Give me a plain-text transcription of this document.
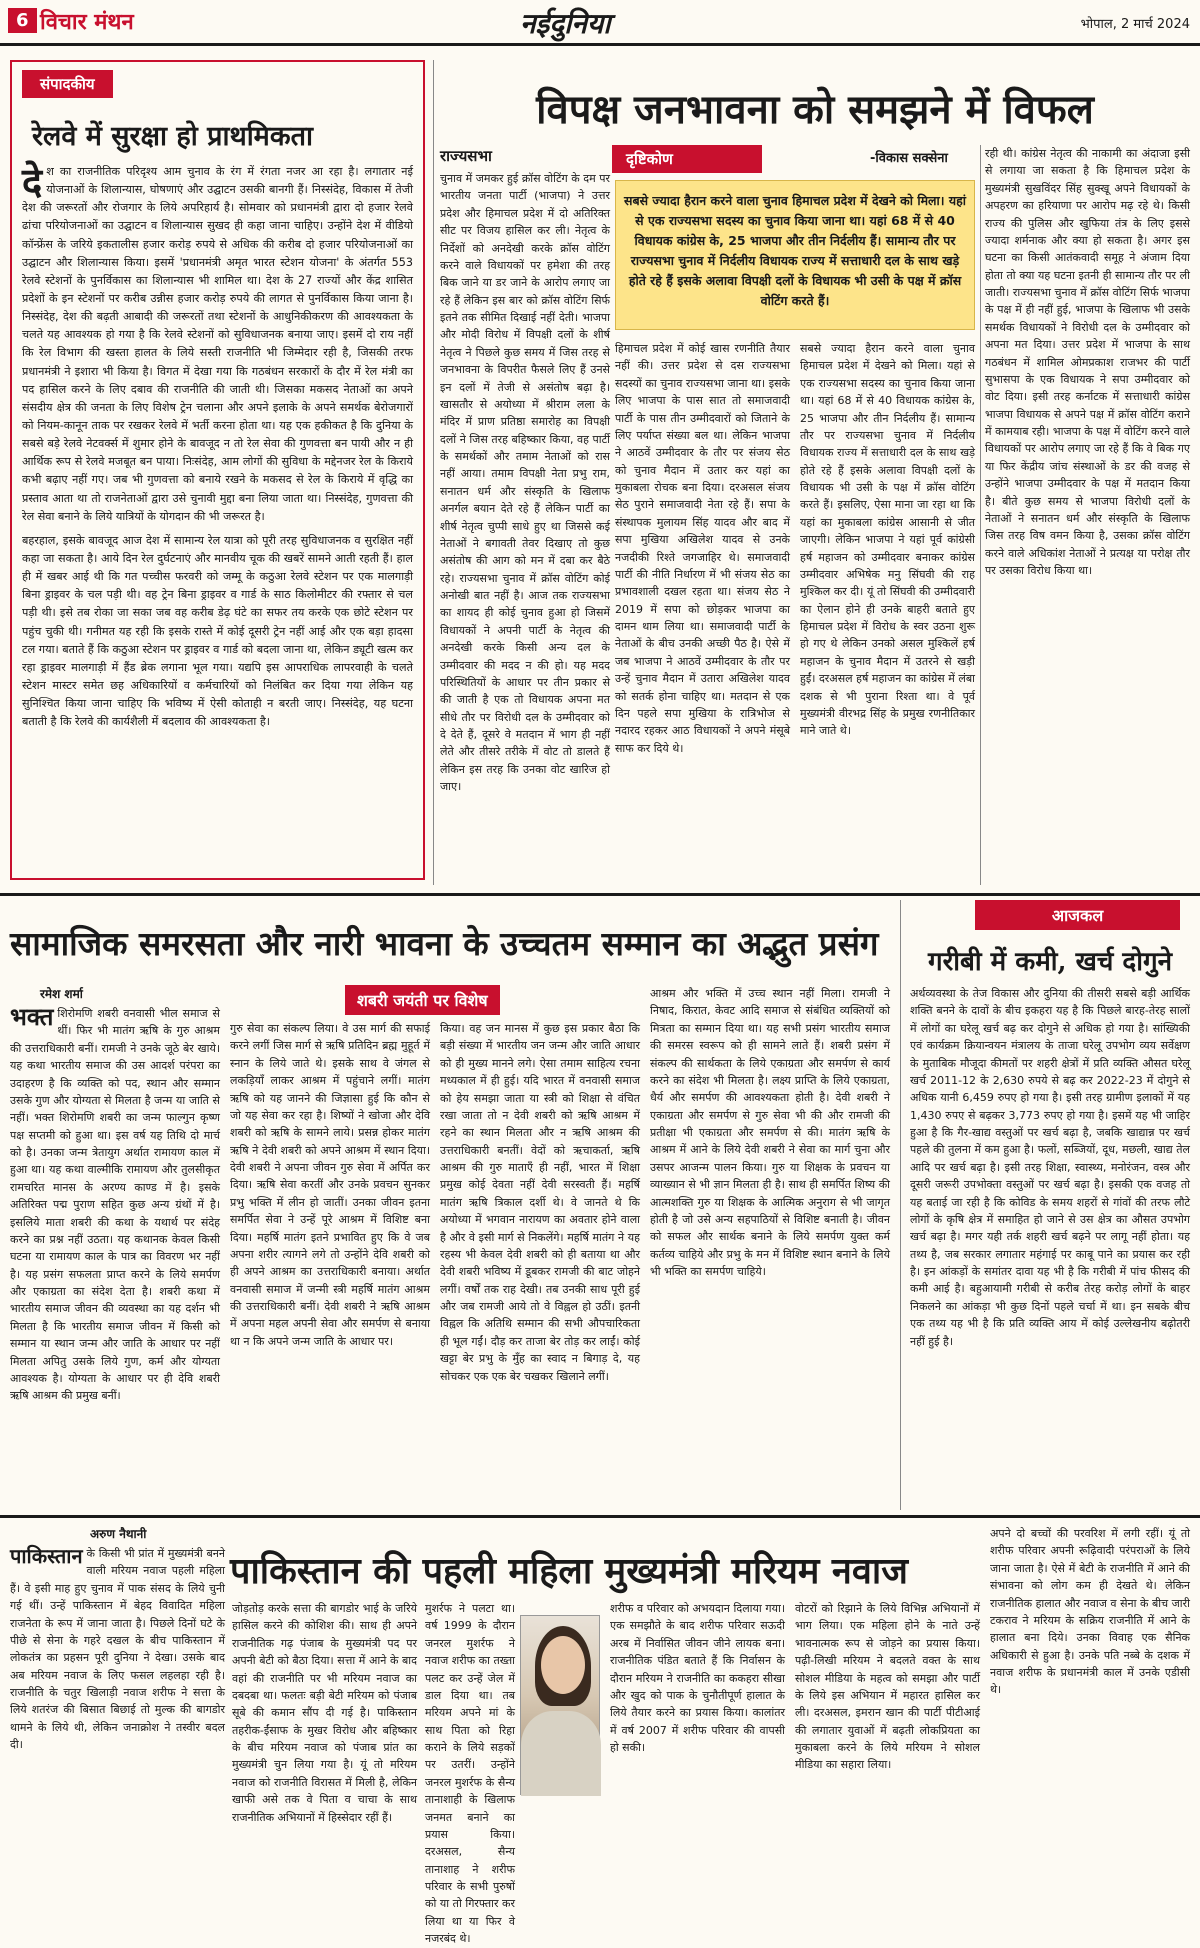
6 विचार मंथन	नईदुनिया	भोपाल, 2 मार्च 2024
संपादकीय
रेलवे में सुरक्षा हो प्राथमिकता
दे श का राजनीतिक परिदृश्य आम चुनाव के रंग में रंगता नजर आ रहा है। लगातार नई योजनाओं के शिलान्यास, घोषणाएं और उद्घाटन उसकी बानगी हैं। निस्संदेह, विकास में तेजी देश की जरूरतों और रोजगार के लिये अपरिहार्य है। सोमवार को प्रधानमंत्री द्वारा दो हजार रेलवे ढांचा परियोजनाओं का उद्घाटन व शिलान्यास सुखद ही कहा जाना चाहिए। उन्होंने देश में वीडियो कॉन्फ्रेंस के जरिये इकतालीस हजार करोड़ रुपये से अधिक की करीब दो हजार परियोजनाओं का उद्घाटन और शिलान्यास किया। इसमें 'प्रधानमंत्री अमृत भारत स्टेशन योजना' के अंतर्गत 553 रेलवे स्टेशनों के पुनर्विकास का शिलान्यास भी शामिल था। देश के 27 राज्यों और केंद्र शासित प्रदेशों के इन स्टेशनों पर करीब उन्नीस हजार करोड़ रुपये की लागत से पुनर्विकास किया जाना है। निस्संदेह, देश की बढ़ती आबादी की जरूरतों तथा स्टेशनों के आधुनिकीकरण की आवश्यकता के चलते यह आवश्यक हो गया है कि रेलवे स्टेशनों को सुविधाजनक बनाया जाए। इसमें दो राय नहीं कि रेल विभाग की खस्ता हालत के लिये सस्ती राजनीति भी जिम्मेदार रही है, जिसकी तरफ प्रधानमंत्री ने इशारा भी किया है। विगत में देखा गया कि गठबंधन सरकारों के दौर में रेल मंत्री का पद हासिल करने के लिए दबाव की राजनीति की जाती थी। जिसका मकसद नेताओं का अपने संसदीय क्षेत्र की जनता के लिए विशेष ट्रेन चलाना और अपने इलाके के अपने समर्थक बेरोजगारों को नियम-कानून ताक पर रखकर रेलवे में भर्ती करना होता था। यह एक हकीकत है कि दुनिया के सबसे बड़े रेलवे नेटवर्क्स में शुमार होने के बावजूद न तो रेल सेवा की गुणवत्ता बन पायी और न ही आर्थिक रूप से रेलवे मजबूत बन पाया। निःसंदेह, आम लोगों की सुविधा के मद्देनजर रेल के किराये कभी बढ़ाए नहीं गए। जब भी गुणवत्ता को बनाये रखने के मकसद से रेल के किराये में वृद्धि का प्रस्ताव आता था तो राजनेताओं द्वारा उसे चुनावी मुद्दा बना लिया जाता था। निस्संदेह, गुणवत्ता की रेल सेवा बनाने के लिये यात्रियों के योगदान की भी जरूरत है।

बहरहाल, इसके बावजूद आज देश में सामान्य रेल यात्रा को पूरी तरह सुविधाजनक व सुरक्षित नहीं कहा जा सकता है। आये दिन रेल दुर्घटनाएं और मानवीय चूक की खबरें सामने आती रहती हैं। हाल ही में खबर आई थी कि गत पच्चीस फरवरी को जम्मू के कठुआ रेलवे स्टेशन पर एक मालगाड़ी बिना ड्राइवर के चल पड़ी थी। वह ट्रेन बिना ड्राइवर व गार्ड के साठ किलोमीटर की रफ्तार से चल पड़ी थी। इसे तब रोका जा सका जब वह करीब डेढ़ घंटे का सफर तय करके एक छोटे स्टेशन पर पहुंच चुकी थी। गनीमत यह रही कि इसके रास्ते में कोई दूसरी ट्रेन नहीं आई और एक बड़ा हादसा टल गया। बताते हैं कि कठुआ स्टेशन पर ड्राइवर व गार्ड को बदला जाना था, लेकिन ड्यूटी खत्म कर रहा ड्राइवर मालगाड़ी में हैंड ब्रेक लगाना भूल गया। यद्यपि इस आपराधिक लापरवाही के चलते स्टेशन मास्टर समेत छह अधिकारियों व कर्मचारियों को निलंबित कर दिया गया लेकिन यह सुनिश्चित किया जाना चाहिए कि भविष्य में ऐसी कोताही न बरती जाए। निस्संदेह, यह घटना बताती है कि रेलवे की कार्यशैली में बदलाव की आवश्यकता है।

विपक्ष जनभावना को समझने में विफल
राज्यसभा	दृष्टिकोण	-विकास सक्सेना
चुनाव में जमकर हुई क्रॉस वोटिंग के दम पर भारतीय जनता पार्टी (भाजपा) ने उत्तर प्रदेश और हिमाचल प्रदेश में दो अतिरिक्त सीट पर विजय हासिल कर ली। नेतृत्व के निर्देशों को अनदेखी करके क्रॉस वोटिंग करने वाले विधायकों पर हमेशा की तरह बिक जाने या डर जाने के आरोप लगाए जा रहे हैं लेकिन इस बार को क्रॉस वोटिंग सिर्फ इतने तक सीमित दिखाई नहीं देती। भाजपा और मोदी विरोध में विपक्षी दलों के शीर्ष नेतृत्व ने पिछले कुछ समय में जिस तरह से जनभावना के विपरीत फैसले लिए हैं उनसे इन दलों में तेजी से असंतोष बढ़ा है। खासतौर से अयोध्या में श्रीराम लला के मंदिर में प्राण प्रतिष्ठा समारोह का विपक्षी दलों ने जिस तरह बहिष्कार किया, वह पार्टी के समर्थकों और तमाम नेताओं को रास नहीं आया। तमाम विपक्षी नेता प्रभु राम, सनातन धर्म और संस्कृति के खिलाफ अनर्गल बयान देते रहे हैं लेकिन पार्टी का शीर्ष नेतृत्व चुप्पी साधे हुए था जिससे कई नेताओं ने बगावती तेवर दिखाए तो कुछ असंतोष की आग को मन में दबा कर बैठे रहे। राज्यसभा चुनाव में क्रॉस वोटिंग कोई अनोखी बात नहीं है। आज तक राज्यसभा का शायद ही कोई चुनाव हुआ हो जिसमें विधायकों ने अपनी पार्टी के नेतृत्व की अनदेखी करके किसी अन्य दल के उम्मीदवार की मदद न की हो। यह मदद परिस्थितियों के आधार पर तीन प्रकार से की जाती है एक तो विधायक अपना मत सीधे तौर पर विरोधी दल के उम्मीदवार को दे देते हैं, दूसरे वे मतदान में भाग ही नहीं लेते और तीसरे तरीके में वोट तो डालते हैं लेकिन इस तरह कि उनका वोट खारिज हो जाए।
सबसे ज्यादा हैरान करने वाला चुनाव हिमाचल प्रदेश में देखने को मिला। यहां से एक राज्यसभा सदस्य का चुनाव किया जाना था। यहां 68 में से 40 विधायक कांग्रेस के, 25 भाजपा और तीन निर्दलीय हैं। सामान्य तौर पर राज्यसभा चुनाव में निर्दलीय विधायक राज्य में सत्ताधारी दल के साथ खड़े होते रहे हैं इसके अलावा विपक्षी दलों के विधायक भी उसी के पक्ष में क्रॉस वोटिंग करते हैं।
हिमाचल प्रदेश में कोई खास रणनीति तैयार नहीं की। उत्तर प्रदेश से दस राज्यसभा सदस्यों का चुनाव राज्यसभा जाना था। इसके लिए भाजपा के पास सात तो समाजवादी पार्टी के पास तीन उम्मीदवारों को जिताने के लिए पर्याप्त संख्या बल था। लेकिन भाजपा ने आठवें उम्मीदवार के तौर पर संजय सेठ को चुनाव मैदान में उतार कर यहां का मुकाबला रोचक बना दिया। दरअसल संजय सेठ पुराने समाजवादी नेता रहे हैं। सपा के संस्थापक मुलायम सिंह यादव और बाद में सपा मुखिया अखिलेश यादव से उनके नजदीकी रिश्ते जगजाहिर थे। समाजवादी पार्टी की नीति निर्धारण में भी संजय सेठ का प्रभावशाली दखल रहता था। संजय सेठ ने 2019 में सपा को छोड़कर भाजपा का दामन थाम लिया था। समाजवादी पार्टी के नेताओं के बीच उनकी अच्छी पैठ है। ऐसे में जब भाजपा ने आठवें उम्मीदवार के तौर पर उन्हें चुनाव मैदान में उतारा अखिलेश यादव को सतर्क होना चाहिए था। मतदान से एक दिन पहले सपा मुखिया के रात्रिभोज से नदारद रहकर आठ विधायकों ने अपने मंसूबे साफ कर दिये थे।
सबसे ज्यादा हैरान करने वाला चुनाव हिमाचल प्रदेश में देखने को मिला। यहां से एक राज्यसभा सदस्य का चुनाव किया जाना था। यहां 68 में से 40 विधायक कांग्रेस के, 25 भाजपा और तीन निर्दलीय हैं। सामान्य तौर पर राज्यसभा चुनाव में निर्दलीय विधायक राज्य में सत्ताधारी दल के साथ खड़े होते रहे हैं इसके अलावा विपक्षी दलों के विधायक भी उसी के पक्ष में क्रॉस वोटिंग करते हैं। इसलिए, ऐसा माना जा रहा था कि यहां का मुकाबला कांग्रेस आसानी से जीत जाएगी। लेकिन भाजपा ने यहां पूर्व कांग्रेसी हर्ष महाजन को उम्मीदवार बनाकर कांग्रेस उम्मीदवार अभिषेक मनु सिंघवी की राह मुश्किल कर दी। यूं तो सिंघवी की उम्मीदवारी का ऐलान होने ही उनके बाहरी बताते हुए हिमाचल प्रदेश में विरोध के स्वर उठना शुरू हो गए थे लेकिन उनको असल मुश्किलें हर्ष महाजन के चुनाव मैदान में उतरने से खड़ी हुईं। दरअसल हर्ष महाजन का कांग्रेस में लंबा दशक से भी पुराना रिश्ता था। वे पूर्व मुख्यमंत्री वीरभद्र सिंह के प्रमुख रणनीतिकार माने जाते थे।
रही थी। कांग्रेस नेतृत्व की नाकामी का अंदाजा इसी से लगाया जा सकता है कि हिमाचल प्रदेश के मुख्यमंत्री सुखविंदर सिंह सुक्खू अपने विधायकों के अपहरण का हरियाणा पर आरोप मढ़ रहे थे। किसी राज्य की पुलिस और खुफिया तंत्र के लिए इससे ज्यादा शर्मनाक और क्या हो सकता है। अगर इस घटना का किसी आतंकवादी समूह ने अंजाम दिया होता तो क्या यह घटना इतनी ही सामान्य तौर पर ली जाती। राज्यसभा चुनाव में क्रॉस वोटिंग सिर्फ भाजपा के पक्ष में ही नहीं हुई, भाजपा के खिलाफ भी उसके समर्थक विधायकों ने विरोधी दल के उम्मीदवार को अपना मत दिया। उत्तर प्रदेश में भाजपा के साथ गठबंधन में शामिल ओमप्रकाश राजभर की पार्टी सुभासपा के एक विधायक ने सपा उम्मीदवार को वोट दिया। इसी तरह कर्नाटक में सत्ताधारी कांग्रेस भाजपा विधायक से अपने पक्ष में क्रॉस वोटिंग कराने में कामयाब रही। भाजपा के पक्ष में वोटिंग करने वाले विधायकों पर आरोप लगाए जा रहे हैं कि वे बिक गए या फिर केंद्रीय जांच संस्थाओं के डर की वजह से उन्होंने भाजपा उम्मीदवार के पक्ष में मतदान किया है। बीते कुछ समय से भाजपा विरोधी दलों के नेताओं ने सनातन धर्म और संस्कृति के खिलाफ जिस तरह विष वमन किया है, उसका क्रॉस वोटिंग करने वाले अधिकांश नेताओं ने प्रत्यक्ष या परोक्ष तौर पर उसका विरोध किया था।
सामाजिक समरसता और नारी भावना के उच्चतम सम्मान का अद्भुत प्रसंग
रमेश शर्मा	शबरी जयंती पर विशेष
भक्त शिरोमणि शबरी वनवासी भील समाज से थीं। फिर भी मातंग ऋषि के गुरु आश्रम की उत्तराधिकारी बनीं। रामजी ने उनके जूठे बेर खाये। यह कथा भारतीय समाज की उस आदर्श परंपरा का उदाहरण है कि व्यक्ति को पद, स्थान और सम्मान उसके गुण और योग्यता से मिलता है जन्म या जाति से नहीं। भक्त शिरोमणि शबरी का जन्म फाल्गुन कृष्ण पक्ष सप्तमी को हुआ था। इस वर्ष यह तिथि दो मार्च को है। उनका जन्म त्रेतायुग अर्थात रामायण काल में हुआ था। यह कथा वाल्मीकि रामायण और तुलसीकृत रामचरित मानस के अरण्य काण्ड में है। इसके अतिरिक्त पद्म पुराण सहित कुछ अन्य ग्रंथों में है। इसलिये माता शबरी की कथा के यथार्थ पर संदेह करने का प्रश्न नहीं उठता। यह कथानक केवल किसी घटना या रामायण काल के पात्र का विवरण भर नहीं है। यह प्रसंग सफलता प्राप्त करने के लिये समर्पण और एकाग्रता का संदेश देता है। शबरी कथा में भारतीय समाज जीवन की व्यवस्था का यह दर्शन भी मिलता है कि भारतीय समाज जीवन में किसी को सम्मान या स्थान जन्म और जाति के आधार पर नहीं मिलता अपितु उसके लिये गुण, कर्म और योग्यता आवश्यक है। योग्यता के आधार पर ही देवि शबरी ऋषि आश्रम की प्रमुख बनीं।
गुरु सेवा का संकल्प लिया। वे उस मार्ग की सफाई करने लगीं जिस मार्ग से ऋषि प्रतिदिन ब्रह्म मुहूर्त में स्नान के लिये जाते थे। इसके साथ वे जंगल से लकड़ियाँ लाकर आश्रम में पहुंचाने लगीं। मातंग ऋषि को यह जानने की जिज्ञासा हुई कि कौन से जो यह सेवा कर रहा है। शिष्यों ने खोजा और देवि शबरी को ऋषि के सामने लाये। प्रसन्न होकर मातंग ऋषि ने देवी शबरी को अपने आश्रम में स्थान दिया। देवी शबरी ने अपना जीवन गुरु सेवा में अर्पित कर दिया। ऋषि सेवा करतीं और उनके प्रवचन सुनकर प्रभु भक्ति में लीन हो जातीं। उनका जीवन इतना समर्पित सेवा ने उन्हें पूरे आश्रम में विशिष्ट बना दिया। महर्षि मातंग इतने प्रभावित हुए कि वे जब अपना शरीर त्यागने लगे तो उन्होंने देवि शबरी को ही अपने आश्रम का उत्तराधिकारी बनाया। अर्थात वनवासी समाज में जन्मी स्त्री महर्षि मातंग आश्रम की उत्तराधिकारी बनीं। देवी शबरी ने ऋषि आश्रम में अपना महल अपनी सेवा और समर्पण से बनाया था न कि अपने जन्म जाति के आधार पर।
किया। वह जन मानस में कुछ इस प्रकार बैठा कि बड़ी संख्या में भारतीय जन जन्म और जाति आधार को ही मुख्य मानने लगे। ऐसा तमाम साहित्य रचना मध्यकाल में ही हुई। यदि भारत में वनवासी समाज को हेय समझा जाता या स्त्री को शिक्षा से वंचित रखा जाता तो न देवी शबरी को ऋषि आश्रम में रहने का स्थान मिलता और न ऋषि आश्रम की उत्तराधिकारी बनतीं। वेदों को ऋचाकर्ता, ऋषि आश्रम की गुरु माताएँ ही नहीं, भारत में शिक्षा प्रमुख कोई देवता नहीं देवी सरस्वती हैं। महर्षि मातंग ऋषि त्रिकाल दर्शी थे। वे जानते थे कि अयोध्या में भगवान नारायण का अवतार होने वाला है और वे इसी मार्ग से निकलेंगे। महर्षि मातंग ने यह रहस्य भी केवल देवी शबरी को ही बताया था और देवी शबरी भविष्य में डूबकर रामजी की बाट जोहने लगीं। वर्षों तक राह देखी। तब उनकी साध पूरी हुई और जब रामजी आये तो वे विह्वल हो उठीं। इतनी विह्वल कि अतिथि सम्मान की सभी औपचारिकता ही भूल गईं। दौड़ कर ताजा बेर तोड़ कर लाईं। कोई खट्टा बेर प्रभु के मुँह का स्वाद न बिगाड़ दे, यह सोचकर एक एक बेर चखकर खिलाने लगीं।
आश्रम और भक्ति में उच्च स्थान नहीं मिला। रामजी ने निषाद, किरात, केवट आदि समाज से संबंधित व्यक्तियों को मित्रता का सम्मान दिया था। यह सभी प्रसंग भारतीय समाज की समरस स्वरूप को ही सामने लाते हैं। शबरी प्रसंग में संकल्प की सार्थकता के लिये एकाग्रता और समर्पण से कार्य करने का संदेश भी मिलता है। लक्ष्य प्राप्ति के लिये एकाग्रता, धैर्य और समर्पण की आवश्यकता होती है। देवी शबरी ने एकाग्रता और समर्पण से गुरु सेवा भी की और रामजी की प्रतीक्षा भी एकाग्रता और समर्पण से की। मातंग ऋषि के आश्रम में आने के लिये देवी शबरी ने सेवा का मार्ग चुना और उसपर आजन्म पालन किया। गुरु या शिक्षक के प्रवचन या व्याख्यान से भी ज्ञान मिलता ही है। साथ ही समर्पित शिष्य की आत्मशक्ति गुरु या शिक्षक के आत्मिक अनुराग से भी जागृत होती है जो उसे अन्य सहपाठियों से विशिष्ट बनाती है। जीवन को सफल और सार्थक बनाने के लिये समर्पण युक्त कर्म कर्तव्य चाहिये और प्रभु के मन में विशिष्ट स्थान बनाने के लिये भी भक्ति का समर्पण चाहिये।
आजकल
गरीबी में कमी, खर्च दोगुने
अर्थव्यवस्था के तेज विकास और दुनिया की तीसरी सबसे बड़ी आर्थिक शक्ति बनने के दावों के बीच इकहरा यह है कि पिछले बारह-तेरह सालों में लोगों का घरेलू खर्च बढ़ कर दोगुने से अधिक हो गया है। सांख्यिकी एवं कार्यक्रम क्रियान्वयन मंत्रालय के ताजा घरेलू उपभोग व्यय सर्वेक्षण के मुताबिक मौजूदा कीमतों पर शहरी क्षेत्रों में प्रति व्यक्ति औसत घरेलू खर्च 2011-12 के 2,630 रुपये से बढ़ कर 2022-23 में दोगुने से अधिक यानी 6,459 रुपए हो गया है। इसी तरह ग्रामीण इलाकों में यह 1,430 रुपए से बढ़कर 3,773 रुपए हो गया है। इसमें यह भी जाहिर हुआ है कि गैर-खाद्य वस्तुओं पर खर्च बढ़ा है, जबकि खाद्यान्न पर खर्च पहले की तुलना में कम हुआ है। फलों, सब्जियों, दूध, मछली, खाद्य तेल आदि पर खर्च बढ़ा है। इसी तरह शिक्षा, स्वास्थ्य, मनोरंजन, वस्त्र और दूसरी जरूरी उपभोक्ता वस्तुओं पर खर्च बढ़ा है। इसकी एक वजह तो यह बताई जा रही है कि कोविड के समय शहरों से गांवों की तरफ लौटे लोगों के कृषि क्षेत्र में समाहित हो जाने से उस क्षेत्र का औसत उपभोग खर्च बढ़ा है। मगर यही तर्क शहरी खर्च बढ़ने पर लागू नहीं होता। यह तथ्य है, जब सरकार लगातार महंगाई पर काबू पाने का प्रयास कर रही है। इन आंकड़ों के समांतर दावा यह भी है कि गरीबी में पांच फीसद की कमी आई है। बहुआयामी गरीबी से करीब तेरह करोड़ लोगों के बाहर निकलने का आंकड़ा भी कुछ दिनों पहले चर्चा में था। इन सबके बीच एक तथ्य यह भी है कि प्रति व्यक्ति आय में कोई उल्लेखनीय बढ़ोतरी नहीं हुई है।
अरुण नैथानी
पाकिस्तान की पहली महिला मुख्यमंत्री मरियम नवाज
पाकिस्तान के किसी भी प्रांत में मुख्यमंत्री बनने वाली मरियम नवाज पहली महिला हैं। वे इसी माह हुए चुनाव में पाक संसद के लिये चुनी गई थीं। उन्हें पाकिस्तान में बेहद विवादित महिला राजनेता के रूप में जाना जाता है। पिछले दिनों घटे के पीछे से सेना के गहरे दखल के बीच पाकिस्तान में लोकतंत्र का प्रहसन पूरी दुनिया ने देखा। उसके बाद अब मरियम नवाज के लिए फसल लहलहा रही है। राजनीति के चतुर खिलाड़ी नवाज शरीफ ने सत्ता के लिये शतरंज की बिसात बिछाई तो मुल्क की बागडोर थामने के लिये थी, लेकिन जनाक्रोश ने तस्वीर बदल दी।
जोड़तोड़ करके सत्ता की बागडोर भाई के जरिये हासिल करने की कोशिश की। साथ ही अपने राजनीतिक गढ़ पंजाब के मुख्यमंत्री पद पर अपनी बेटी को बैठा दिया। सत्ता में आने के बाद वहां की राजनीति पर भी मरियम नवाज का दबदबा था। फलतः बड़ी बेटी मरियम को पंजाब सूबे की कमान सौंप दी गई है। पाकिस्तान तहरीक-ईंसाफ के मुखर विरोध और बहिष्कार के बीच मरियम नवाज को पंजाब प्रांत का मुख्यमंत्री चुन लिया गया है। यूं तो मरियम नवाज को राजनीति विरासत में मिली है, लेकिन खाफी असे तक वे पिता व चाचा के साथ राजनीतिक अभियानों में हिस्सेदार रहीं हैं।
मुशर्रफ ने पलटा था। वर्ष 1999 के दौरान जनरल मुशर्रफ ने नवाज शरीफ का तख्ता पलट कर उन्हें जेल में डाल दिया था। तब मरियम अपने मां के साथ पिता को रिहा कराने के लिये सड़कों पर उतरीं। उन्होंने जनरल मुशर्रफ के सैन्य तानाशाही के खिलाफ जनमत बनाने का प्रयास किया। दरअसल, सैन्य तानाशाह ने शरीफ परिवार के सभी पुरुषों को या तो गिरफ्तार कर लिया था या फिर वे नजरबंद थे।
शरीफ व परिवार को अभयदान दिलाया गया। एक समझौते के बाद शरीफ परिवार सऊदी अरब में निर्वासित जीवन जीने लायक बना। राजनीतिक पंडित बताते हैं कि निर्वासन के दौरान मरियम ने राजनीति का ककहरा सीखा और खुद को पाक के चुनौतीपूर्ण हालात के लिये तैयार करने का प्रयास किया। कालांतर में वर्ष 2007 में शरीफ परिवार की वापसी हो सकी।
वोटरों को रिझाने के लिये विभिन्न अभियानों में भाग लिया। एक महिला होने के नाते उन्हें भावनात्मक रूप से जोड़ने का प्रयास किया। पढ़ी-लिखी मरियम ने बदलते वक्त के साथ सोशल मीडिया के महत्व को समझा और पार्टी के लिये इस अभियान में महारत हासिल कर ली। दरअसल, इमरान खान की पार्टी पीटीआई की लगातार युवाओं में बढ़ती लोकप्रियता का मुकाबला करने के लिये मरियम ने सोशल मीडिया का सहारा लिया।
अपने दो बच्चों की परवरिश में लगी रहीं। यूं तो शरीफ परिवार अपनी रूढ़िवादी परंपराओं के लिये जाना जाता है। ऐसे में बेटी के राजनीति में आने की संभावना को लोग कम ही देखते थे। लेकिन राजनीतिक हालात और नवाज व सेना के बीच जारी टकराव ने मरियम के सक्रिय राजनीति में आने के हालात बना दिये। उनका विवाह एक सैनिक अधिकारी से हुआ है। उनके पति नब्बे के दशक में नवाज शरीफ के प्रधानमंत्री काल में उनके एडीसी थे।
